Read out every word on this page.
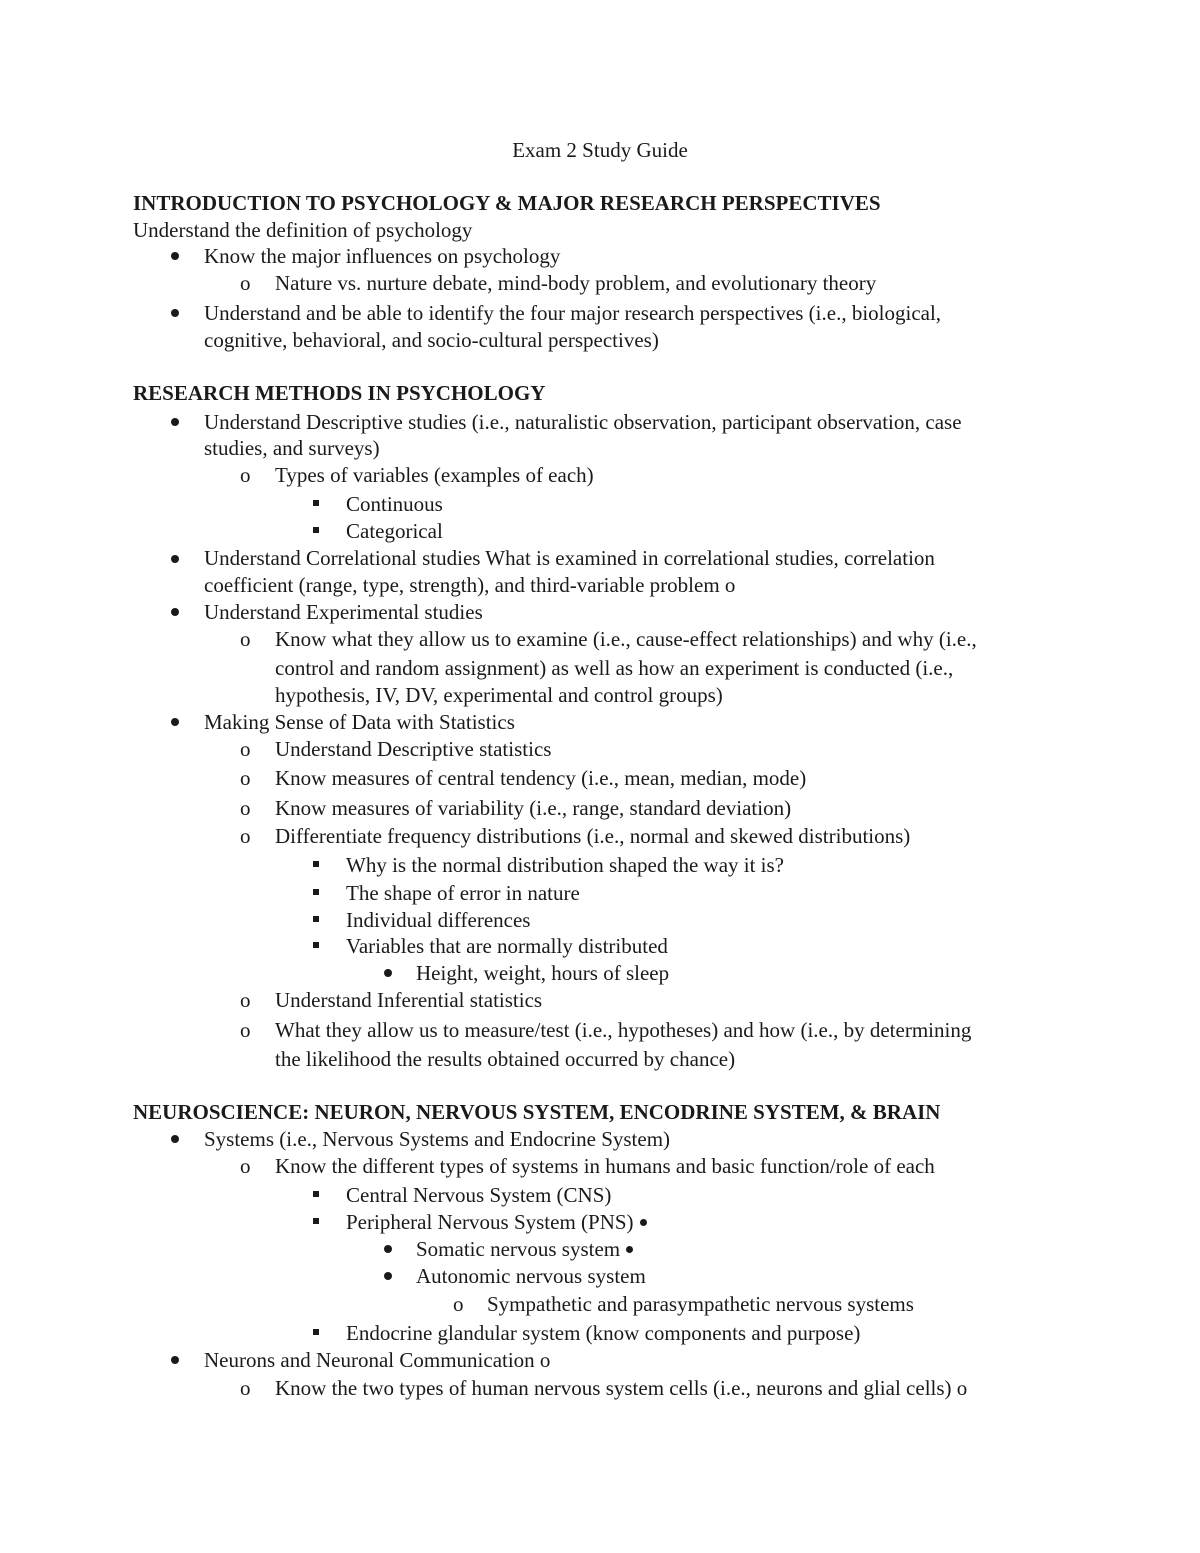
Exam 2 Study Guide
INTRODUCTION TO PSYCHOLOGY & MAJOR RESEARCH PERSPECTIVES
Understand the definition of psychology
Know the major influences on psychology
o Nature vs. nurture debate, mind-body problem, and evolutionary theory
Understand and be able to identify the four major research perspectives (i.e., biological,
cognitive, behavioral, and socio-cultural perspectives)
RESEARCH METHODS IN PSYCHOLOGY
Understand Descriptive studies (i.e., naturalistic observation, participant observation, case
studies, and surveys)
o Types of variables (examples of each)
Continuous
Categorical
Understand Correlational studies What is examined in correlational studies, correlation
coefficient (range, type, strength), and third-variable problem o
Understand Experimental studies
o Know what they allow us to examine (i.e., cause-effect relationships) and why (i.e.,
control and random assignment) as well as how an experiment is conducted (i.e.,
hypothesis, IV, DV, experimental and control groups)
Making Sense of Data with Statistics
o Understand Descriptive statistics
o Know measures of central tendency (i.e., mean, median, mode)
o Know measures of variability (i.e., range, standard deviation)
o Differentiate frequency distributions (i.e., normal and skewed distributions)
Why is the normal distribution shaped the way it is?
The shape of error in nature
Individual differences
Variables that are normally distributed
Height, weight, hours of sleep
o Understand Inferential statistics
o What they allow us to measure/test (i.e., hypotheses) and how (i.e., by determining
the likelihood the results obtained occurred by chance)
NEUROSCIENCE: NEURON, NERVOUS SYSTEM, ENCODRINE SYSTEM, & BRAIN
Systems (i.e., Nervous Systems and Endocrine System)
o Know the different types of systems in humans and basic function/role of each
Central Nervous System (CNS)
Peripheral Nervous System (PNS)
Somatic nervous system
Autonomic nervous system
o Sympathetic and parasympathetic nervous systems
Endocrine glandular system (know components and purpose)
Neurons and Neuronal Communication o
o Know the two types of human nervous system cells (i.e., neurons and glial cells) o
